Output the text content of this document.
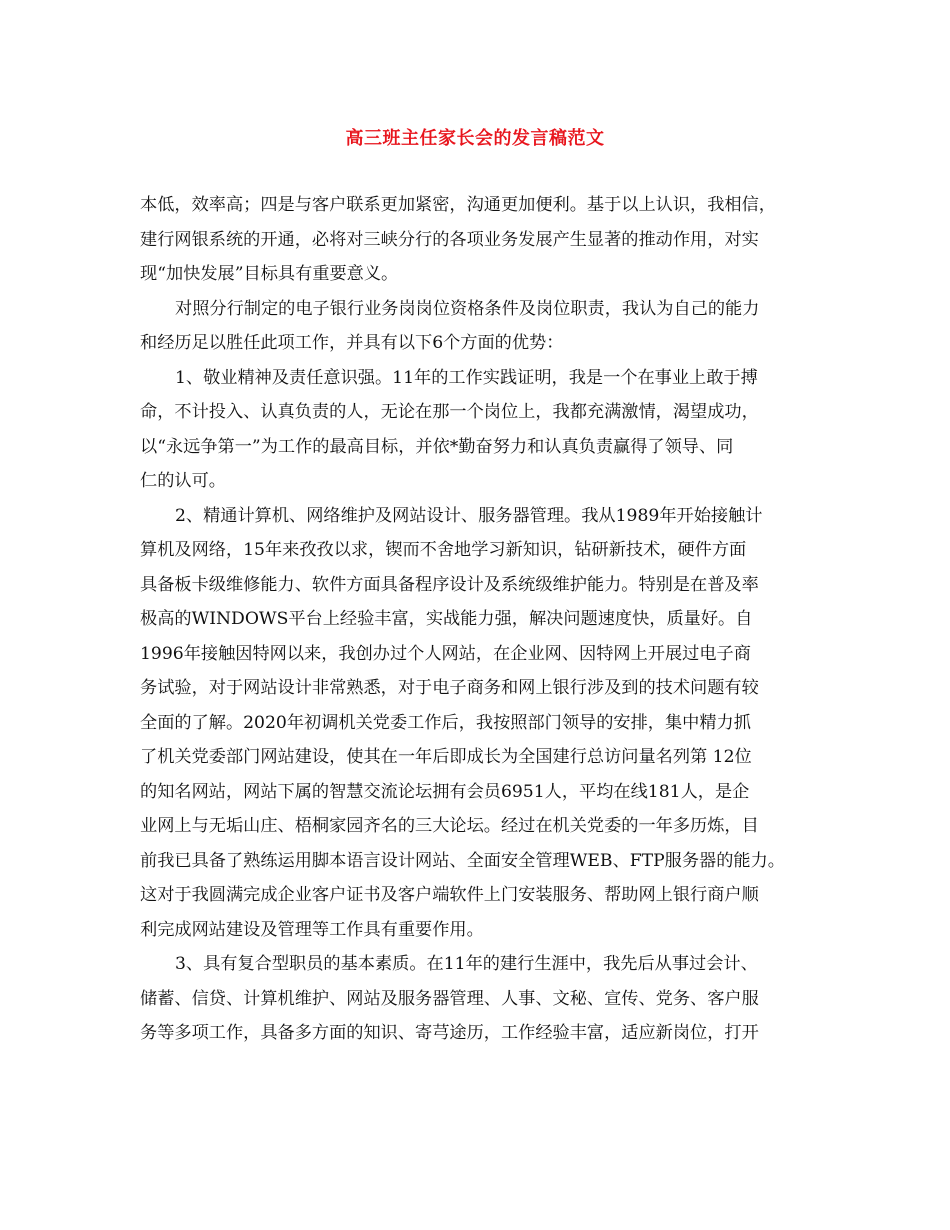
高三班主任家长会的发言稿范文
本低，效率高；四是与客户联系更加紧密，沟通更加便利。基于以上认识，我相信，
建行网银系统的开通，必将对三峡分行的各项业务发展产生显著的推动作用，对实
现“加快发展”目标具有重要意义。
对照分行制定的电子银行业务岗岗位资格条件及岗位职责，我认为自己的能力
和经历足以胜任此项工作，并具有以下6个方面的优势：
1、敬业精神及责任意识强。11年的工作实践证明，我是一个在事业上敢于搏
命，不计投入、认真负责的人，无论在那一个岗位上，我都充满激情，渴望成功，
以“永远争第一”为工作的最高目标，并依*勤奋努力和认真负责赢得了领导、同
仁的认可。
2、精通计算机、网络维护及网站设计、服务器管理。我从1989年开始接触计
算机及网络，15年来孜孜以求，锲而不舍地学习新知识，钻研新技术，硬件方面
具备板卡级维修能力、软件方面具备程序设计及系统级维护能力。特别是在普及率
极高的WINDOWS平台上经验丰富，实战能力强，解决问题速度快，质量好。自
1996年接触因特网以来，我创办过个人网站，在企业网、因特网上开展过电子商
务试验，对于网站设计非常熟悉，对于电子商务和网上银行涉及到的技术问题有较
全面的了解。2020年初调机关党委工作后，我按照部门领导的安排，集中精力抓
了机关党委部门网站建设，使其在一年后即成长为全国建行总访问量名列第 12位
的知名网站，网站下属的智慧交流论坛拥有会员6951人，平均在线181人，是企
业网上与无垢山庄、梧桐家园齐名的三大论坛。经过在机关党委的一年多历炼，目
前我已具备了熟练运用脚本语言设计网站、全面安全管理WEB、FTP服务器的能力。
这对于我圆满完成企业客户证书及客户端软件上门安装服务、帮助网上银行商户顺
利完成网站建设及管理等工作具有重要作用。
3、具有复合型职员的基本素质。在11年的建行生涯中，我先后从事过会计、
储蓄、信贷、计算机维护、网站及服务器管理、人事、文秘、宣传、党务、客户服
务等多项工作，具备多方面的知识、寄芎途历，工作经验丰富，适应新岗位，打开
